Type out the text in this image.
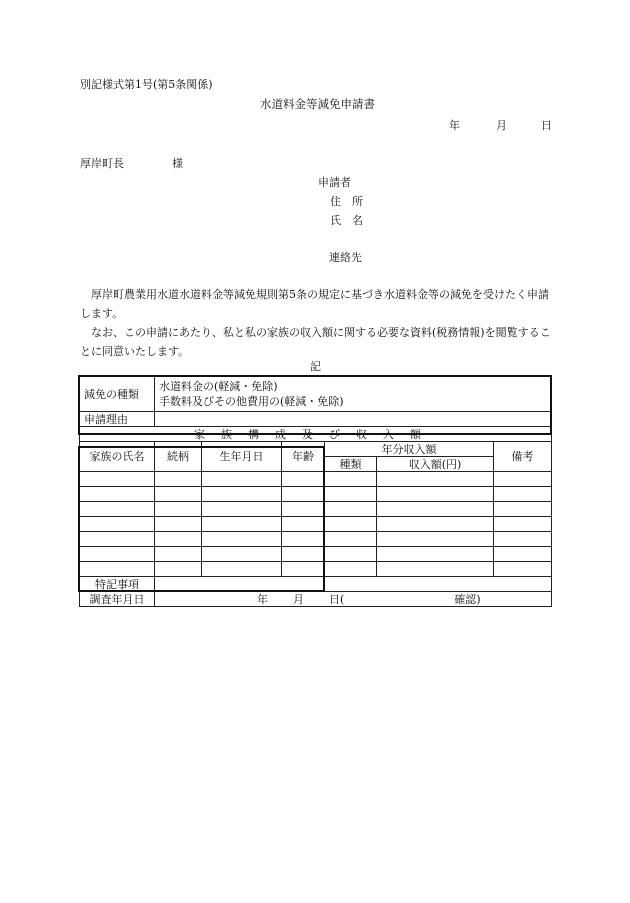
別記様式第1号(第5条関係)
水道料金等減免申請書
年	月	日
厚岸町長	様
申請者
住　所
氏　名
連絡先

厚岸町農業用水道水道料金等減免規則第5条の規定に基づき水道料金等の減免を受けたく申請します。

なお、この申請にあたり、私と私の家族の収入額に関する必要な資料(税務情報)を閲覧することに同意いたします。

記
減免の種類	水道料金の(軽減・免除)
手数料及びその他費用の(軽減・免除)					

申請理由						
家族構成及び収入額						
家族の氏名	続柄	生年月日	年齢	年分収入額		備考
				種類	収入額(円)	

特記事項						
調査年月日	年 月 日( 確認)					
